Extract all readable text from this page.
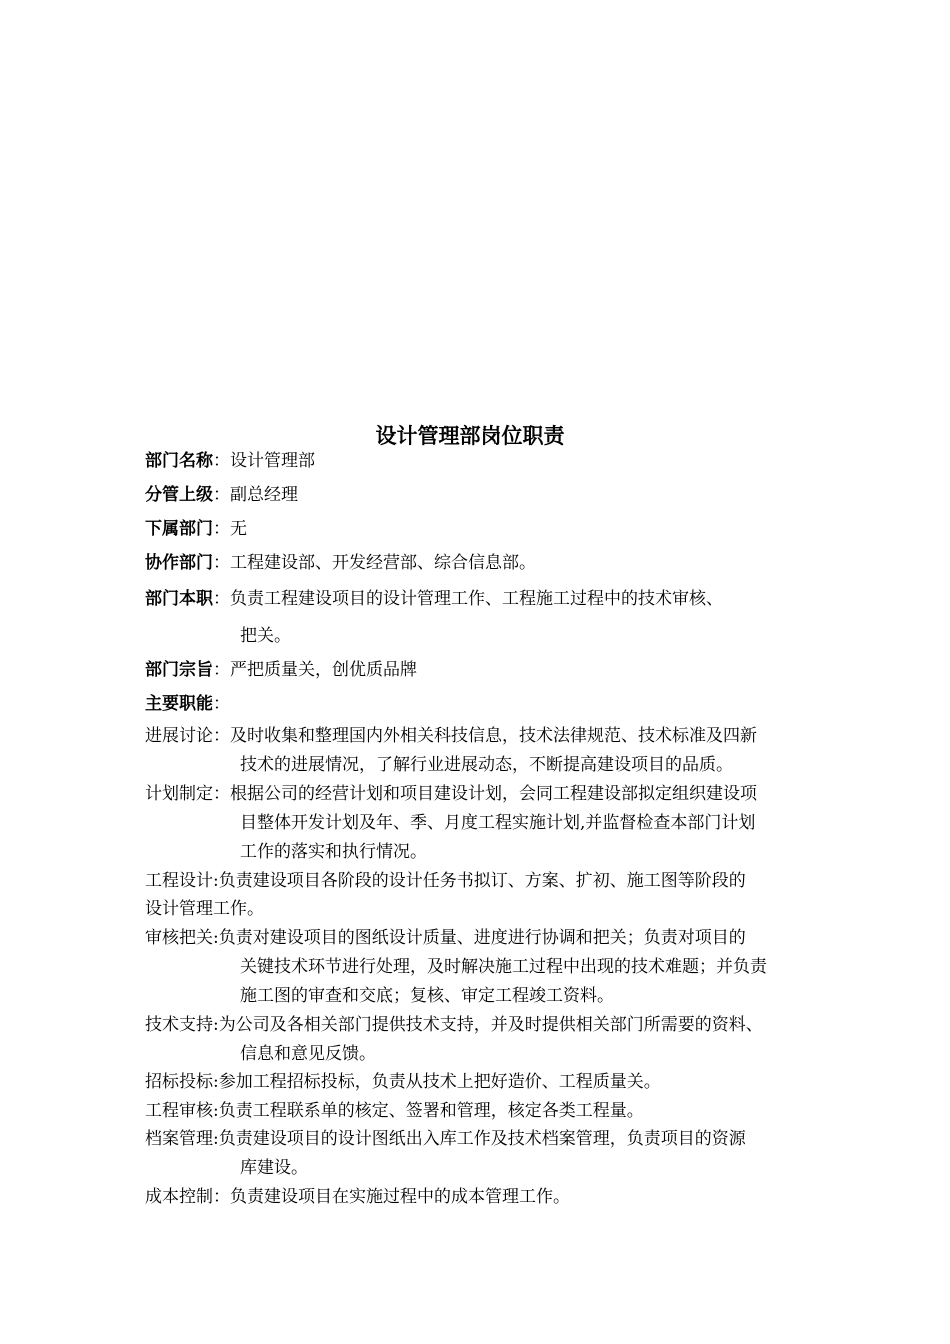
设计管理部岗位职责
部门名称：设计管理部
分管上级：副总经理
下属部门：无
协作部门：工程建设部、开发经营部、综合信息部。
部门本职：负责工程建设项目的设计管理工作、工程施工过程中的技术审核、
把关。
部门宗旨：严把质量关，创优质品牌
主要职能：
进展讨论：及时收集和整理国内外相关科技信息，技术法律规范、技术标准及四新
技术的进展情况，了解行业进展动态，不断提高建设项目的品质。
计划制定：根据公司的经营计划和项目建设计划，会同工程建设部拟定组织建设项
目整体开发计划及年、季、月度工程实施计划,并监督检查本部门计划
工作的落实和执行情况。
工程设计:负责建设项目各阶段的设计任务书拟订、方案、扩初、施工图等阶段的
设计管理工作。
审核把关:负责对建设项目的图纸设计质量、进度进行协调和把关；负责对项目的
关键技术环节进行处理，及时解决施工过程中出现的技术难题；并负责
施工图的审查和交底；复核、审定工程竣工资料。
技术支持:为公司及各相关部门提供技术支持，并及时提供相关部门所需要的资料、
信息和意见反馈。
招标投标:参加工程招标投标，负责从技术上把好造价、工程质量关。
工程审核:负责工程联系单的核定、签署和管理，核定各类工程量。
档案管理:负责建设项目的设计图纸出入库工作及技术档案管理，负责项目的资源
库建设。
成本控制：负责建设项目在实施过程中的成本管理工作。
